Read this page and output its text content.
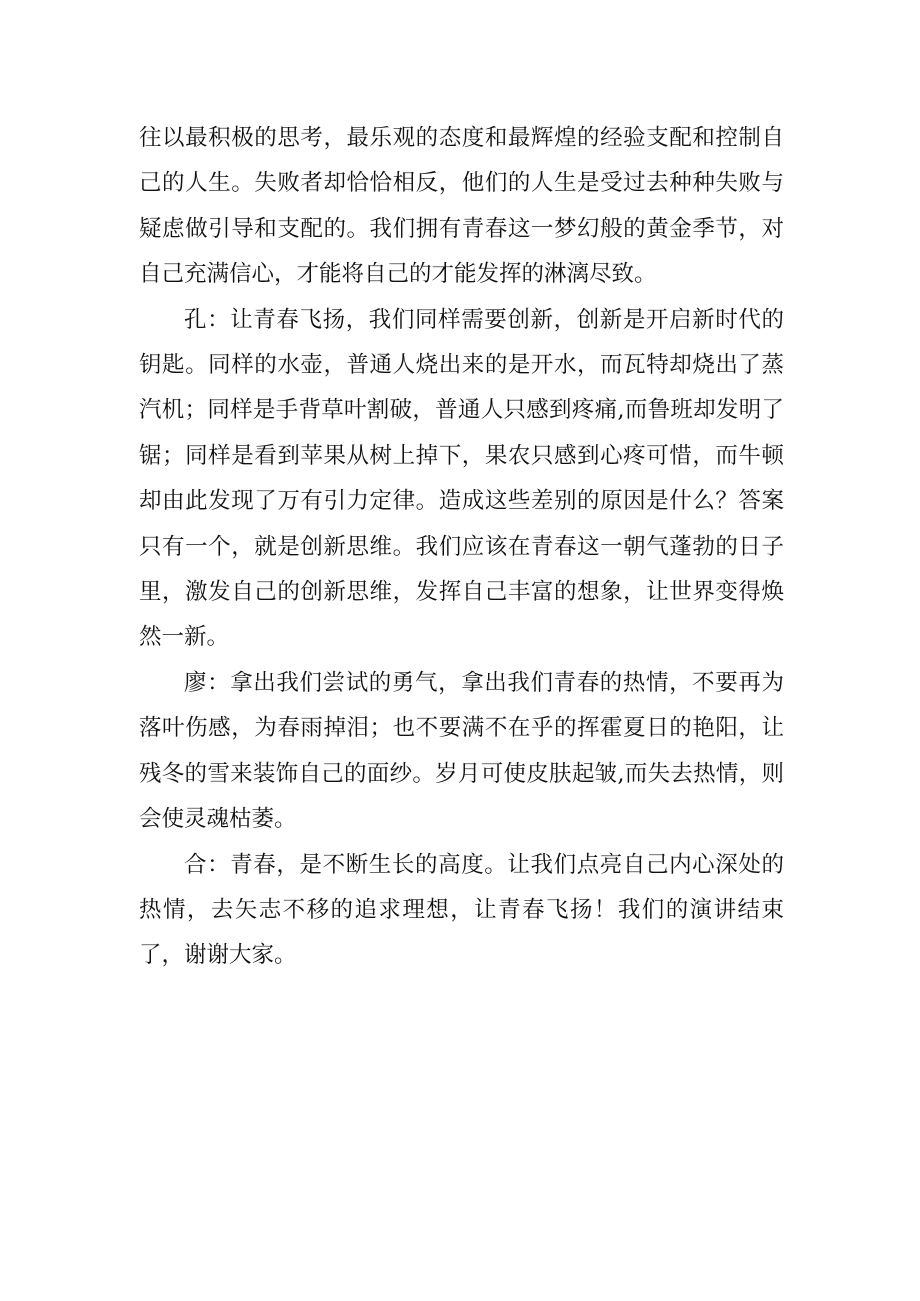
往以最积极的思考，最乐观的态度和最辉煌的经验支配和控制自己的人生。失败者却恰恰相反，他们的人生是受过去种种失败与疑虑做引导和支配的。我们拥有青春这一梦幻般的黄金季节，对自己充满信心，才能将自己的才能发挥的淋漓尽致。

孔：让青春飞扬，我们同样需要创新，创新是开启新时代的钥匙。同样的水壶，普通人烧出来的是开水，而瓦特却烧出了蒸汽机；同样是手背草叶割破，普通人只感到疼痛,而鲁班却发明了锯；同样是看到苹果从树上掉下，果农只感到心疼可惜，而牛顿却由此发现了万有引力定律。造成这些差别的原因是什么？答案只有一个，就是创新思维。我们应该在青春这一朝气蓬勃的日子里，激发自己的创新思维，发挥自己丰富的想象，让世界变得焕然一新。

廖：拿出我们尝试的勇气，拿出我们青春的热情，不要再为落叶伤感，为春雨掉泪；也不要满不在乎的挥霍夏日的艳阳，让残冬的雪来装饰自己的面纱。岁月可使皮肤起皱,而失去热情，则会使灵魂枯萎。

合：青春，是不断生长的高度。让我们点亮自己内心深处的热情，去矢志不移的追求理想，让青春飞扬！我们的演讲结束了，谢谢大家。
